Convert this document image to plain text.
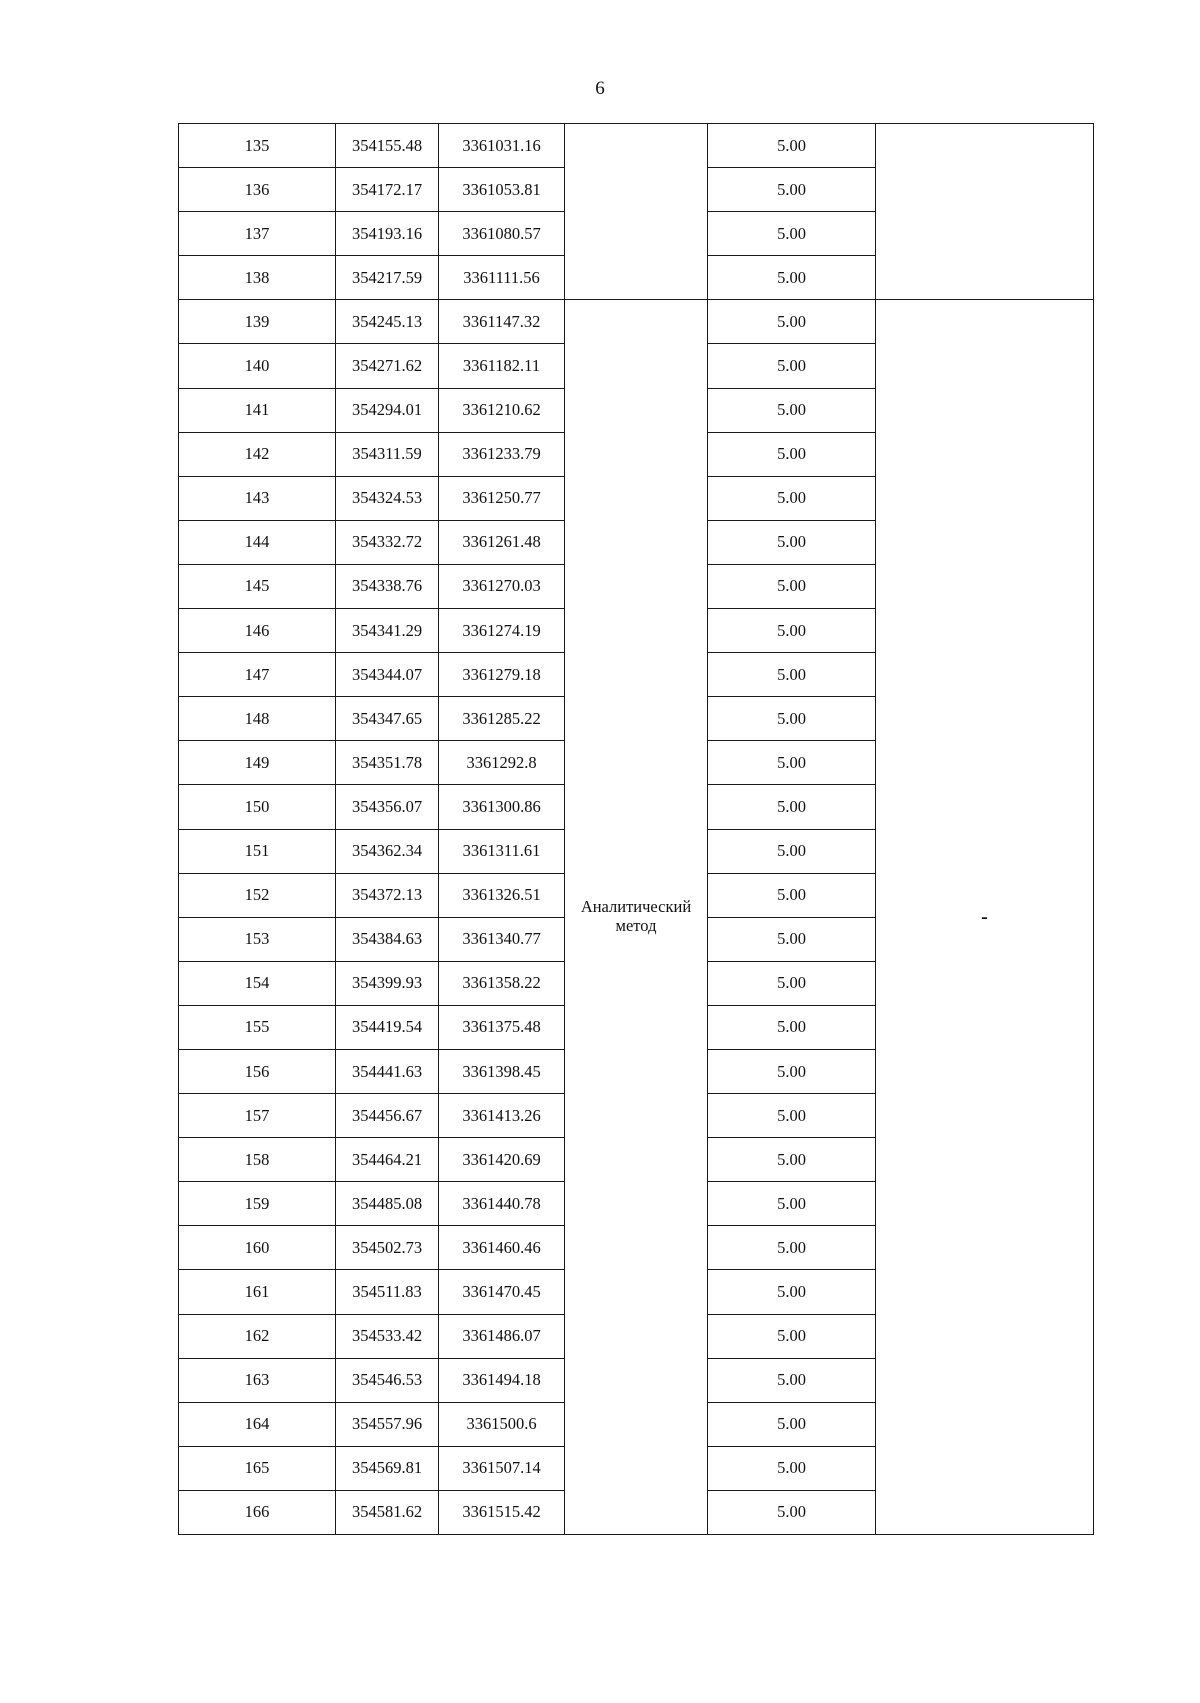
6
135	354155.48	3361031.16		5.00	
136	354172.17	3361053.81		5.00	
137	354193.16	3361080.57		5.00	
138	354217.59	3361111.56		5.00	
139	354245.13	3361147.32	Аналитический метод	5.00	-
140	354271.62	3361182.11		5.00	
141	354294.01	3361210.62		5.00	
142	354311.59	3361233.79		5.00	
143	354324.53	3361250.77		5.00	
144	354332.72	3361261.48		5.00	
145	354338.76	3361270.03		5.00	
146	354341.29	3361274.19		5.00	
147	354344.07	3361279.18		5.00	
148	354347.65	3361285.22		5.00	
149	354351.78	3361292.8		5.00	
150	354356.07	3361300.86		5.00	
151	354362.34	3361311.61		5.00	
152	354372.13	3361326.51		5.00	
153	354384.63	3361340.77		5.00	
154	354399.93	3361358.22		5.00	
155	354419.54	3361375.48		5.00	
156	354441.63	3361398.45		5.00	
157	354456.67	3361413.26		5.00	
158	354464.21	3361420.69		5.00	
159	354485.08	3361440.78		5.00	
160	354502.73	3361460.46		5.00	
161	354511.83	3361470.45		5.00	
162	354533.42	3361486.07		5.00	
163	354546.53	3361494.18		5.00	
164	354557.96	3361500.6		5.00	
165	354569.81	3361507.14		5.00	
166	354581.62	3361515.42		5.00	
